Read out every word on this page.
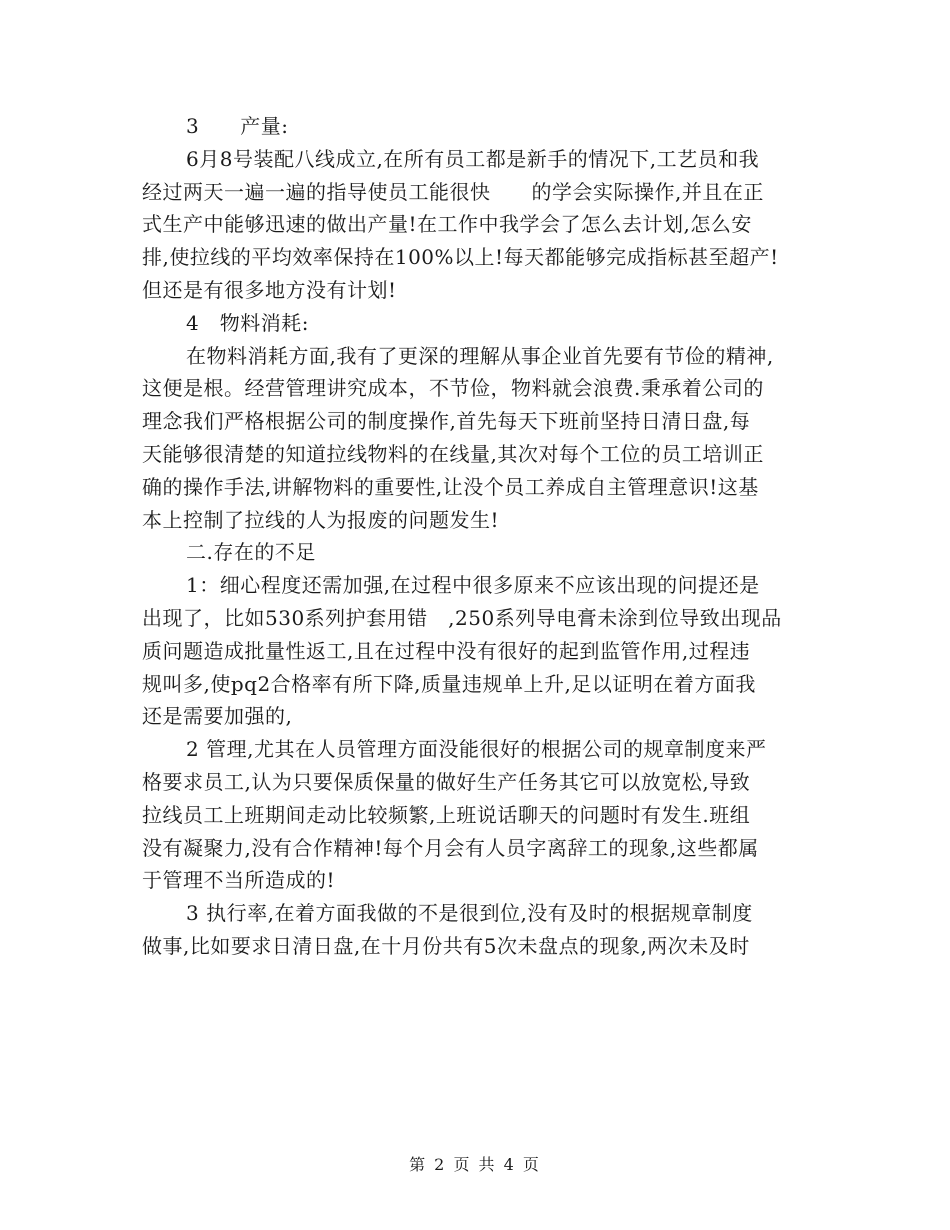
3　　产量:

6月8号装配八线成立,在所有员工都是新手的情况下,工艺员和我

经过两天一遍一遍的指导使员工能很快　　的学会实际操作,并且在正

式生产中能够迅速的做出产量!在工作中我学会了怎么去计划,怎么安

排,使拉线的平均效率保持在100%以上!每天都能够完成指标甚至超产!

但还是有很多地方没有计划!

4　物料消耗:

在物料消耗方面,我有了更深的理解从事企业首先要有节俭的精神,

这便是根。经营管理讲究成本，不节俭，物料就会浪费.秉承着公司的

理念我们严格根据公司的制度操作,首先每天下班前坚持日清日盘,每

天能够很清楚的知道拉线物料的在线量,其次对每个工位的员工培训正

确的操作手法,讲解物料的重要性,让没个员工养成自主管理意识!这基

本上控制了拉线的人为报废的问题发生!

二.存在的不足

1：细心程度还需加强,在过程中很多原来不应该出现的问提还是

出现了，比如530系列护套用错　,250系列导电膏未涂到位导致出现品

质问题造成批量性返工,且在过程中没有很好的起到监管作用,过程违

规叫多,使pq2合格率有所下降,质量违规单上升,足以证明在着方面我

还是需要加强的,

2 管理,尤其在人员管理方面没能很好的根据公司的规章制度来严

格要求员工,认为只要保质保量的做好生产任务其它可以放宽松,导致

拉线员工上班期间走动比较频繁,上班说话聊天的问题时有发生.班组

没有凝聚力,没有合作精神!每个月会有人员字离辞工的现象,这些都属

于管理不当所造成的!

3 执行率,在着方面我做的不是很到位,没有及时的根据规章制度

做事,比如要求日清日盘,在十月份共有5次未盘点的现象,两次未及时

第 2 页 共 4 页
